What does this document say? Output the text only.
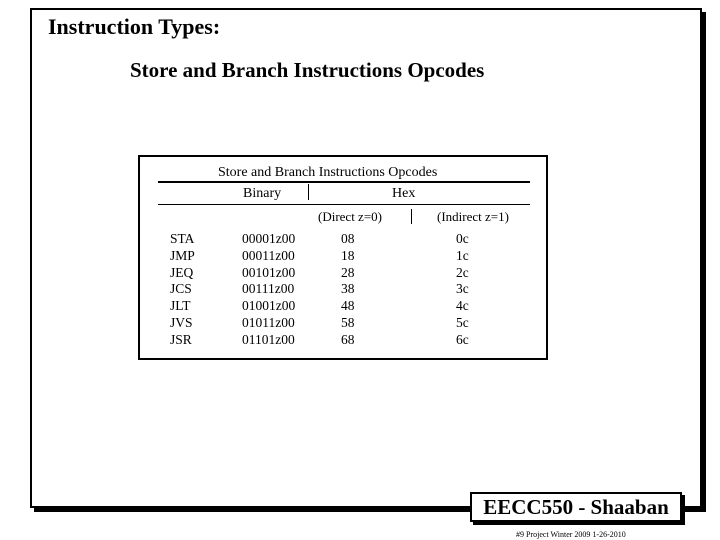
Instruction Types:
Store and Branch Instructions Opcodes
Store and Branch Instructions Opcodes
Binary	Hex
(Direct z=0)	(Indirect z=1)
STA	00001z00	08	0c
JMP	00011z00	18	1c
JEQ	00101z00	28	2c
JCS	00111z00	38	3c
JLT	01001z00	48	4c
JVS	01011z00	58	5c
JSR	01101z00	68	6c
EECC550 - Shaaban
#9 Project Winter 2009 1-26-2010
